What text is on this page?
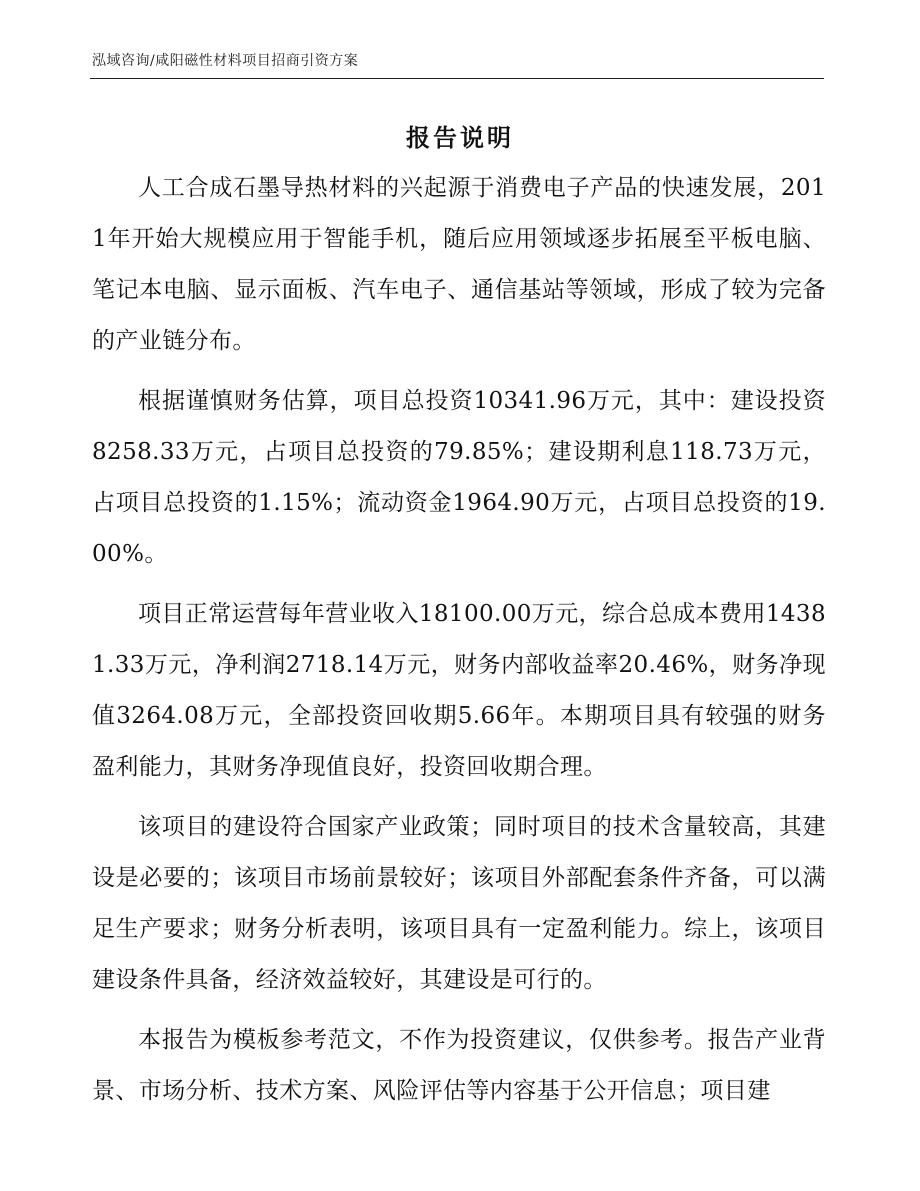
泓域咨询/咸阳磁性材料项目招商引资方案
报告说明

人工合成石墨导热材料的兴起源于消费电子产品的快速发展，2011年开始大规模应用于智能手机，随后应用领域逐步拓展至平板电脑、笔记本电脑、显示面板、汽车电子、通信基站等领域，形成了较为完备的产业链分布。

根据谨慎财务估算，项目总投资10341.96万元，其中：建设投资8258.33万元，占项目总投资的79.85%；建设期利息118.73万元，占项目总投资的1.15%；流动资金1964.90万元，占项目总投资的19.00%。

项目正常运营每年营业收入18100.00万元，综合总成本费用14381.33万元，净利润2718.14万元，财务内部收益率20.46%，财务净现值3264.08万元，全部投资回收期5.66年。本期项目具有较强的财务盈利能力，其财务净现值良好，投资回收期合理。

该项目的建设符合国家产业政策；同时项目的技术含量较高，其建设是必要的；该项目市场前景较好；该项目外部配套条件齐备，可以满足生产要求；财务分析表明，该项目具有一定盈利能力。综上，该项目建设条件具备，经济效益较好，其建设是可行的。

本报告为模板参考范文，不作为投资建议，仅供参考。报告产业背景、市场分析、技术方案、风险评估等内容基于公开信息；项目建
